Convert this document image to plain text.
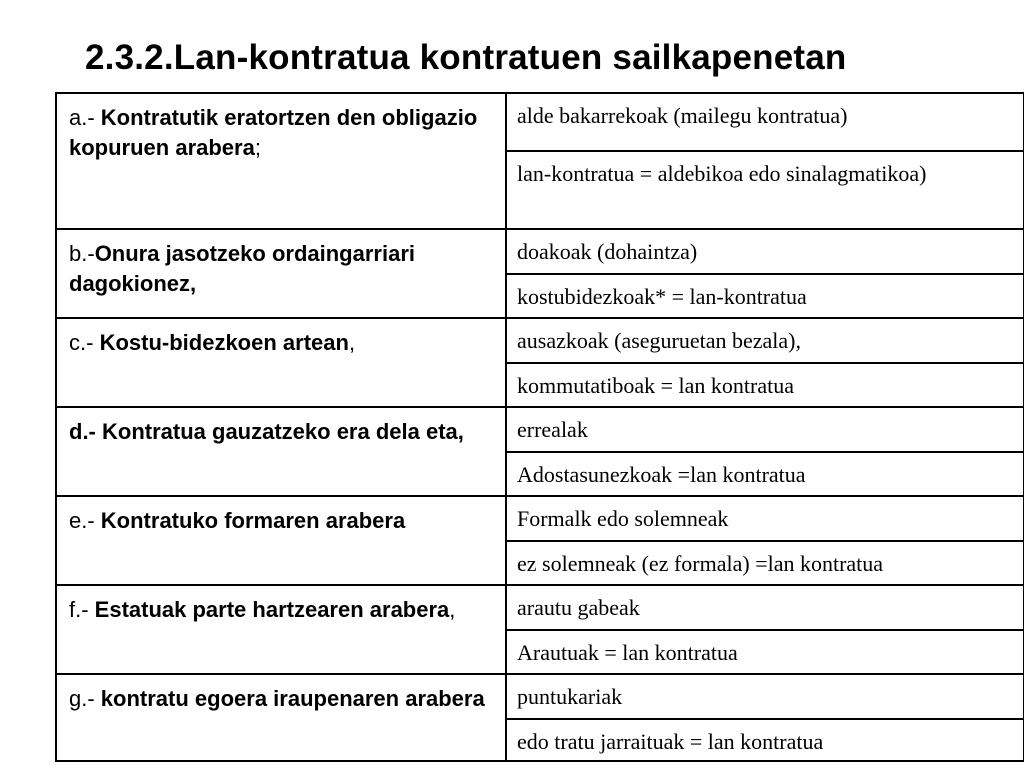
2.3.2.Lan-kontratua kontratuen sailkapenetan
a.- Kontratutik eratortzen den obligazio kopuruen arabera;	alde bakarrekoak (mailegu kontratua)
	lan-kontratua = aldebikoa edo sinalagmatikoa)
b.-Onura jasotzeko ordaingarriari dagokionez,	doakoak (dohaintza)
	kostubidezkoak* = lan-kontratua
c.- Kostu-bidezkoen artean,	ausazkoak (aseguruetan bezala),
	kommutatiboak = lan kontratua
d.- Kontratua gauzatzeko era dela eta,	errealak
	Adostasunezkoak =lan kontratua
e.- Kontratuko formaren arabera	Formalk edo solemneak
	ez solemneak (ez formala) =lan kontratua
f.- Estatuak parte hartzearen arabera,	arautu gabeak
	Arautuak = lan kontratua
g.- kontratu egoera iraupenaren arabera	puntukariak
	edo tratu jarraituak = lan kontratua
